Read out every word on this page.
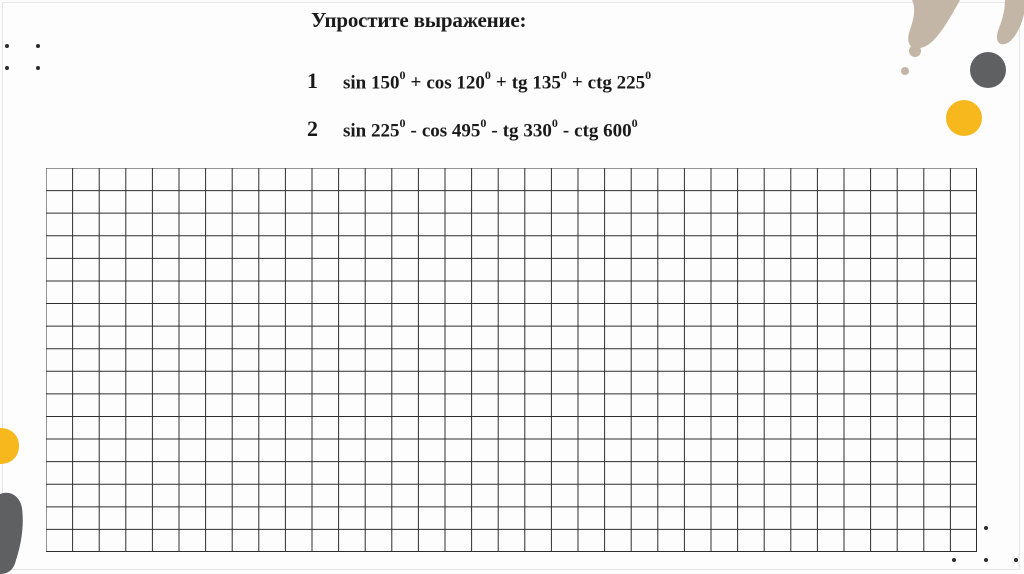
Упростите выражение:
1	$\sin 150^0 + \cos 120^0$ + tg $135^0$ + ctg $225^0$
2	$\sin 225^0$ - $\cos 495^0$ - tg $330^0$ - ctg $600^0$
